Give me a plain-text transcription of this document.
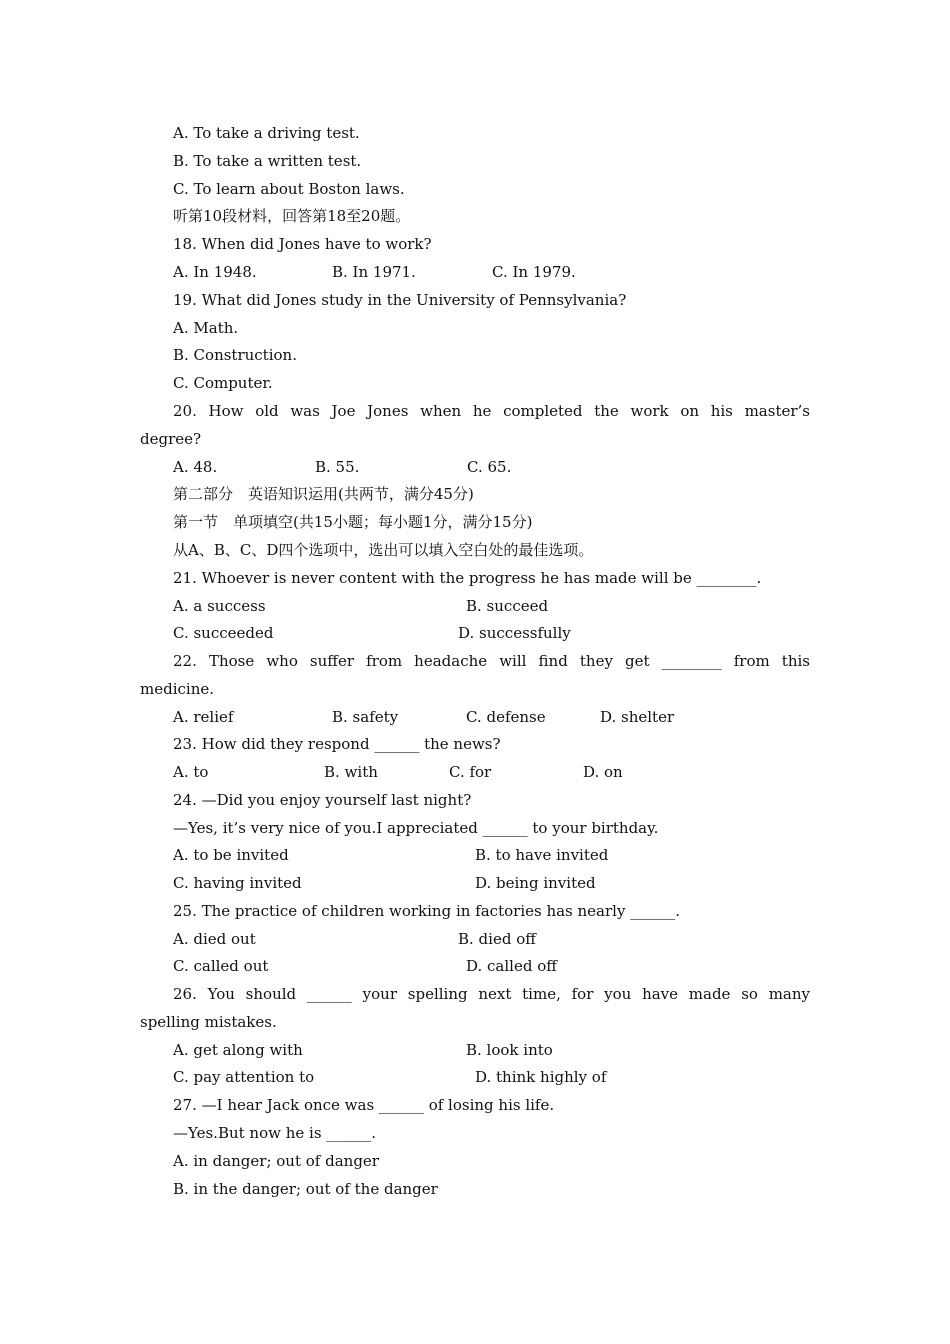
A. To take a driving test.
B. To take a written test.
C. To learn about Boston laws.
听第10段材料，回答第18至20题。
18. When did Jones have to work?
A. In 1948.	B. In 1971.	C. In 1979.
19. What did Jones study in the University of Pennsylvania?
A. Math.
B. Construction.
C. Computer.
20. How old was Joe Jones when he completed the work on his master’s
degree?
A. 48.	B. 55.	C. 65.
第二部分　英语知识运用(共两节，满分45分)
第一节　单项填空(共15小题；每小题1分，满分15分)
从A、B、C、D四个选项中，选出可以填入空白处的最佳选项。
21. Whoever is never content with the progress he has made will be ________.
A. a success	B. succeed
C. succeeded	D. successfully
22. Those who suffer from headache will find they get ________ from this
medicine.
A. relief	B. safety	C. defense	D. shelter
23. How did they respond ______ the news?
A. to	B. with	C. for	D. on
24. —Did you enjoy yourself last night?
—Yes, it’s very nice of you.I appreciated ______ to your birthday.
A. to be invited	B. to have invited
C. having invited	D. being invited
25. The practice of children working in factories has nearly ______.
A. died out	B. died off
C. called out	D. called off
26. You should ______ your spelling next time, for you have made so many
spelling mistakes.
A. get along with	B. look into
C. pay attention to	D. think highly of
27. —I hear Jack once was ______ of losing his life.
—Yes.But now he is ______.
A. in danger; out of danger
B. in the danger; out of the danger
